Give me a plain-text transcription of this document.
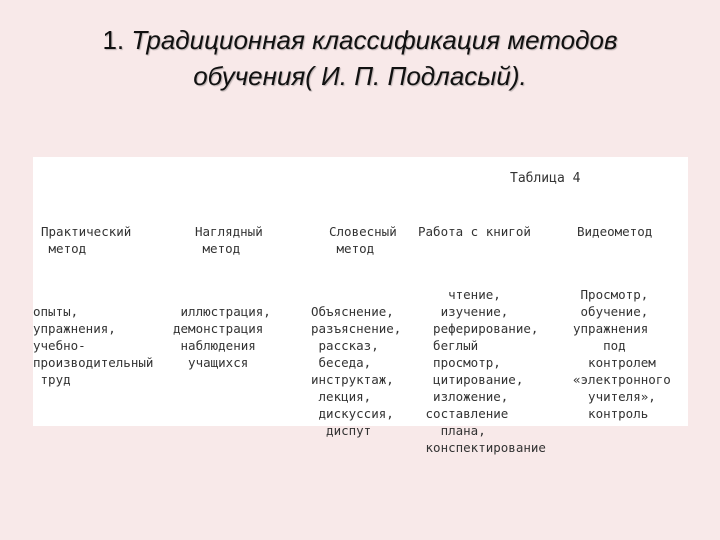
1. Традиционная классификация методов
обучения( И. П. Подласый).
Таблица 4

Практический
метод

опыты,
упражнения,
учебно-
производительный
труд

Наглядный
метод

иллюстрация,
демонстрация
наблюдения
учащихся

Словесный
метод

Объяснение,
разъяснение,
рассказ,
беседа,
инструктаж,
лекция,
дискуссия,
диспут

Работа с книгой

чтение,
изучение,
реферирование,
беглый
просмотр,
цитирование,
изложение,
составление
плана,
конспектирование

Видеометод

Просмотр,
обучение,
упражнения
под
контролем
«электронного
учителя»,
контроль
